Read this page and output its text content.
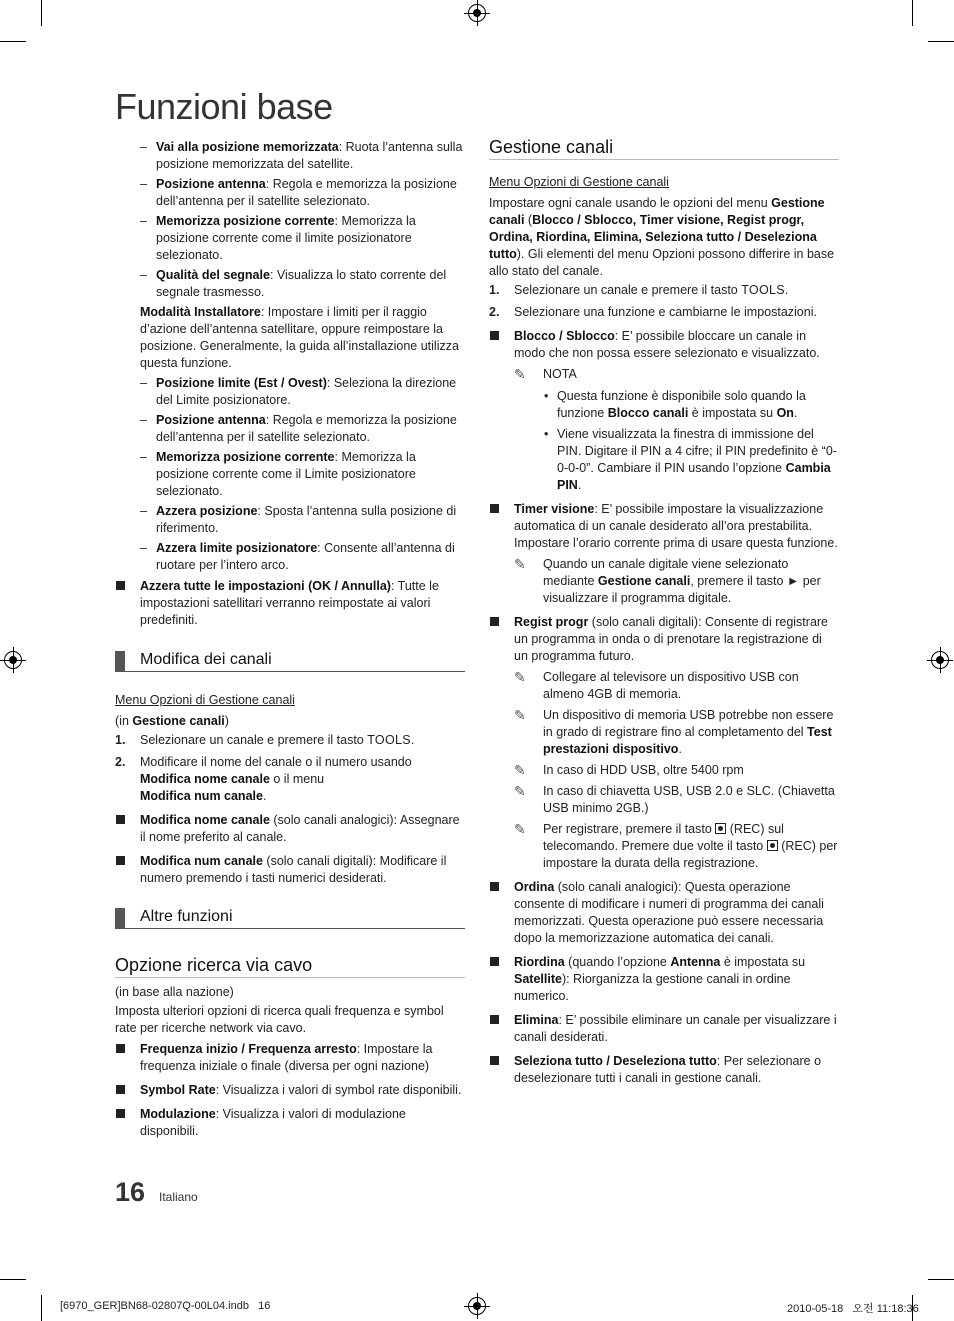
Funzioni base

– Vai alla posizione memorizzata: Ruota l’antenna sulla posizione memorizzata del satellite.

– Posizione antenna: Regola e memorizza la posizione dell’antenna per il satellite selezionato.

– Memorizza posizione corrente: Memorizza la posizione corrente come il limite posizionatore selezionato.

– Qualità del segnale: Visualizza lo stato corrente del segnale trasmesso.

Modalità Installatore: Impostare i limiti per il raggio d’azione dell’antenna satellitare, oppure reimpostare la posizione. Generalmente, la guida all’installazione utilizza questa funzione.

– Posizione limite (Est / Ovest): Seleziona la direzione del Limite posizionatore.

– Posizione antenna: Regola e memorizza la posizione dell’antenna per il satellite selezionato.

– Memorizza posizione corrente: Memorizza la posizione corrente come il Limite posizionatore selezionato.

– Azzera posizione: Sposta l’antenna sulla posizione di riferimento.

– Azzera limite posizionatore: Consente all’antenna di ruotare per l’intero arco.

Azzera tutte le impostazioni (OK / Annulla): Tutte le impostazioni satellitari verranno reimpostate ai valori predefiniti.

Modifica dei canali

Menu Opzioni di Gestione canali

(in Gestione canali)

1. Selezionare un canale e premere il tasto TOOLS.

2. Modificare il nome del canale o il numero usando
Modifica nome canale o il menu
Modifica num canale.

Modifica nome canale (solo canali analogici): Assegnare il nome preferito al canale.

Modifica num canale (solo canali digitali): Modificare il numero premendo i tasti numerici desiderati.

Altre funzioni
Opzione ricerca via cavo

(in base alla nazione)

Imposta ulteriori opzioni di ricerca quali frequenza e symbol rate per ricerche network via cavo.

Frequenza inizio / Frequenza arresto: Impostare la frequenza iniziale o finale (diversa per ogni nazione)

Symbol Rate: Visualizza i valori di symbol rate disponibili.

Modulazione: Visualizza i valori di modulazione disponibili.

Gestione canali

Menu Opzioni di Gestione canali

Impostare ogni canale usando le opzioni del menu Gestione canali (Blocco / Sblocco, Timer visione, Regist progr, Ordina, Riordina, Elimina, Seleziona tutto / Deseleziona tutto). Gli elementi del menu Opzioni possono differire in base allo stato del canale.

1. Selezionare un canale e premere il tasto TOOLS.

2. Selezionare una funzione e cambiarne le impostazioni.

Blocco / Sblocco: E’ possibile bloccare un canale in modo che non possa essere selezionato e visualizzato.

✎ NOTA

• Questa funzione è disponibile solo quando la funzione Blocco canali è impostata su On.

• Viene visualizzata la finestra di immissione del PIN. Digitare il PIN a 4 cifre; il PIN predefinito è “0-0-0-0”. Cambiare il PIN usando l’opzione Cambia PIN.

Timer visione: E’ possibile impostare la visualizzazione automatica di un canale desiderato all’ora prestabilita. Impostare l’orario corrente prima di usare questa funzione.

✎ Quando un canale digitale viene selezionato mediante Gestione canali, premere il tasto ► per visualizzare il programma digitale.

Regist progr (solo canali digitali): Consente di registrare un programma in onda o di prenotare la registrazione di un programma futuro.

✎ Collegare al televisore un dispositivo USB con almeno 4GB di memoria.

✎ Un dispositivo di memoria USB potrebbe non essere in grado di registrare fino al completamento del Test prestazioni dispositivo.

✎ In caso di HDD USB, oltre 5400 rpm

✎ In caso di chiavetta USB, USB 2.0 e SLC. (Chiavetta USB minimo 2GB.)

✎ Per registrare, premere il tasto  (REC) sul telecomando. Premere due volte il tasto  (REC) per impostare la durata della registrazione.

Ordina (solo canali analogici): Questa operazione consente di modificare i numeri di programma dei canali memorizzati. Questa operazione può essere necessaria dopo la memorizzazione automatica dei canali.

Riordina (quando l’opzione Antenna è impostata su Satellite): Riorganizza la gestione canali in ordine numerico.

Elimina: E’ possibile eliminare un canale per visualizzare i canali desiderati.

Seleziona tutto / Deseleziona tutto: Per selezionare o deselezionare tutti i canali in gestione canali.

16 Italiano
[6970_GER]BN68-02807Q-00L04.indb   16	2010-05-18   오전 11:18:36
